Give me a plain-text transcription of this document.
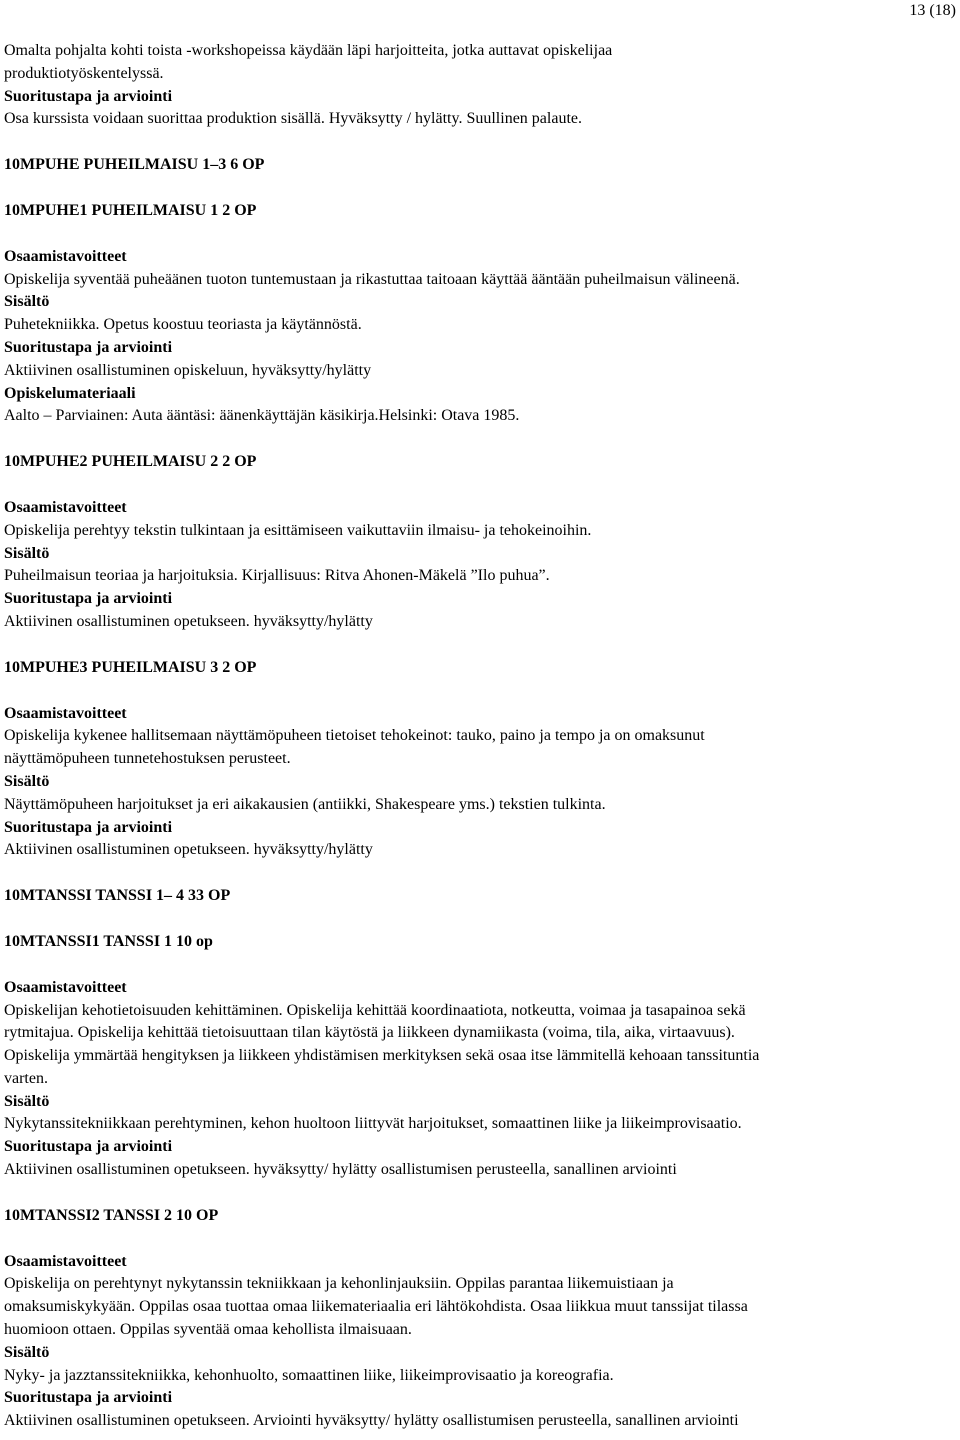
13 (18)
Omalta pohjalta kohti toista -workshopeissa käydään läpi harjoitteita, jotka auttavat opiskelijaa
produktiotyöskentelyssä.
Suoritustapa ja arviointi
Osa kurssista voidaan suorittaa produktion sisällä. Hyväksytty / hylätty. Suullinen palaute.
10MPUHE PUHEILMAISU 1–3 6 OP
10MPUHE1 PUHEILMAISU 1 2 OP
Osaamistavoitteet
Opiskelija syventää puheäänen tuoton tuntemustaan ja rikastuttaa taitoaan käyttää ääntään puheilmaisun välineenä.
Sisältö
Puhetekniikka. Opetus koostuu teoriasta ja käytännöstä.
Suoritustapa ja arviointi
Aktiivinen osallistuminen opiskeluun, hyväksytty/hylätty
Opiskelumateriaali
Aalto – Parviainen: Auta ääntäsi: äänenkäyttäjän käsikirja.Helsinki: Otava 1985.
10MPUHE2 PUHEILMAISU 2 2 OP
Osaamistavoitteet
Opiskelija perehtyy tekstin tulkintaan ja esittämiseen vaikuttaviin ilmaisu- ja tehokeinoihin.
Sisältö
Puheilmaisun teoriaa ja harjoituksia. Kirjallisuus: Ritva Ahonen-Mäkelä ”Ilo puhua”.
Suoritustapa ja arviointi
Aktiivinen osallistuminen opetukseen. hyväksytty/hylätty
10MPUHE3 PUHEILMAISU 3 2 OP
Osaamistavoitteet
Opiskelija kykenee hallitsemaan näyttämöpuheen tietoiset tehokeinot: tauko, paino ja tempo ja on omaksunut
näyttämöpuheen tunnetehostuksen perusteet.
Sisältö
Näyttämöpuheen harjoitukset ja eri aikakausien (antiikki, Shakespeare yms.) tekstien tulkinta.
Suoritustapa ja arviointi
Aktiivinen osallistuminen opetukseen. hyväksytty/hylätty
10MTANSSI TANSSI 1– 4 33 OP
10MTANSSI1 TANSSI 1 10 op
Osaamistavoitteet
Opiskelijan kehotietoisuuden kehittäminen. Opiskelija kehittää koordinaatiota, notkeutta, voimaa ja tasapainoa sekä
rytmitajua. Opiskelija kehittää tietoisuuttaan tilan käytöstä ja liikkeen dynamiikasta (voima, tila, aika, virtaavuus).
Opiskelija ymmärtää hengityksen ja liikkeen yhdistämisen merkityksen sekä osaa itse lämmitellä kehoaan tanssituntia
varten.
Sisältö
Nykytanssitekniikkaan perehtyminen, kehon huoltoon liittyvät harjoitukset, somaattinen liike ja liikeimprovisaatio.
Suoritustapa ja arviointi
Aktiivinen osallistuminen opetukseen. hyväksytty/ hylätty osallistumisen perusteella, sanallinen arviointi
10MTANSSI2 TANSSI 2 10 OP
Osaamistavoitteet
Opiskelija on perehtynyt nykytanssin tekniikkaan ja kehonlinjauksiin. Oppilas parantaa liikemuistiaan ja
omaksumiskykyään. Oppilas osaa tuottaa omaa liikemateriaalia eri lähtökohdista. Osaa liikkua muut tanssijat tilassa
huomioon ottaen. Oppilas syventää omaa kehollista ilmaisuaan.
Sisältö
Nyky- ja jazztanssitekniikka, kehonhuolto, somaattinen liike, liikeimprovisaatio ja koreografia.
Suoritustapa ja arviointi
Aktiivinen osallistuminen opetukseen. Arviointi hyväksytty/ hylätty osallistumisen perusteella, sanallinen arviointi
